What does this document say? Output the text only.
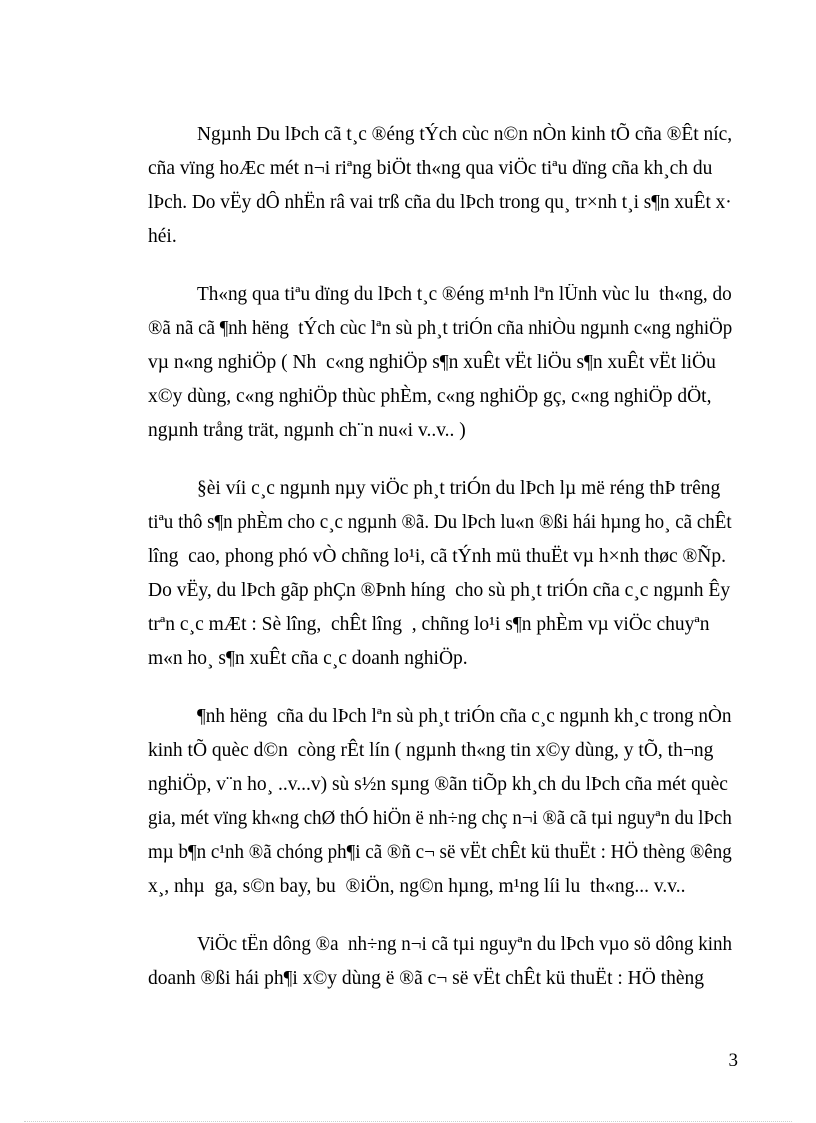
Ngµnh Du lÞch cã t¸c ®éng tÝch cùc n©n nÒn kinh tÕ cña ®Êt níc,
cña vïng hoÆc mét n¬i riªng biÖt th«ng qua viÖc tiªu dïng cña kh¸ch du
lÞch. Do vËy dÔ nhËn râ vai trß cña du lÞch trong qu¸ tr×nh t¸i s¶n xuÊt x·
héi.
Th«ng qua tiªu dïng du lÞch t¸c ®éng m¹nh lªn lÜnh vùc lu  th«ng, do
®ã nã cã ¶nh hëng  tÝch cùc lªn sù ph¸t triÓn cña nhiÒu ngµnh c«ng nghiÖp
vµ n«ng nghiÖp ( Nh  c«ng nghiÖp s¶n xuÊt vËt liÖu s¶n xuÊt vËt liÖu
x©y dùng, c«ng nghiÖp thùc phÈm, c«ng nghiÖp gç, c«ng nghiÖp dÖt,
ngµnh trång trät, ngµnh ch¨n nu«i v..v.. )
§èi víi c¸c ngµnh nµy viÖc ph¸t triÓn du lÞch lµ më réng thÞ trêng
tiªu thô s¶n phÈm cho c¸c ngµnh ®ã. Du lÞch lu«n ®ßi hái hµng ho¸ cã chÊt
lîng  cao, phong phó vÒ chñng lo¹i, cã tÝnh mü thuËt vµ h×nh thøc ®Ñp.
Do vËy, du lÞch gãp phÇn ®Þnh híng  cho sù ph¸t triÓn cña c¸c ngµnh Êy
trªn c¸c mÆt : Sè lîng,  chÊt lîng  , chñng lo¹i s¶n phÈm vµ viÖc chuyªn
m«n ho¸ s¶n xuÊt cña c¸c doanh nghiÖp.
¶nh hëng  cña du lÞch lªn sù ph¸t triÓn cña c¸c ngµnh kh¸c trong nÒn
kinh tÕ quèc d©n  còng rÊt lín ( ngµnh th«ng tin x©y dùng, y tÕ, th¬ng
nghiÖp, v¨n ho¸ ..v...v) sù s½n sµng ®ãn tiÕp kh¸ch du lÞch cña mét quèc
gia, mét vïng kh«ng chØ thÓ hiÖn ë nh÷ng chç n¬i ®ã cã tµi nguyªn du lÞch
mµ b¶n c¹nh ®ã chóng ph¶i cã ®ñ c¬ së vËt chÊt kü thuËt : HÖ thèng ®êng
x¸, nhµ  ga, s©n bay, bu  ®iÖn, ng©n hµng, m¹ng líi lu  th«ng... v.v..
ViÖc tËn dông ®a  nh÷ng n¬i cã tµi nguyªn du lÞch vµo sö dông kinh
doanh ®ßi hái ph¶i x©y dùng ë ®ã c¬ së vËt chÊt kü thuËt : HÖ thèng
3
